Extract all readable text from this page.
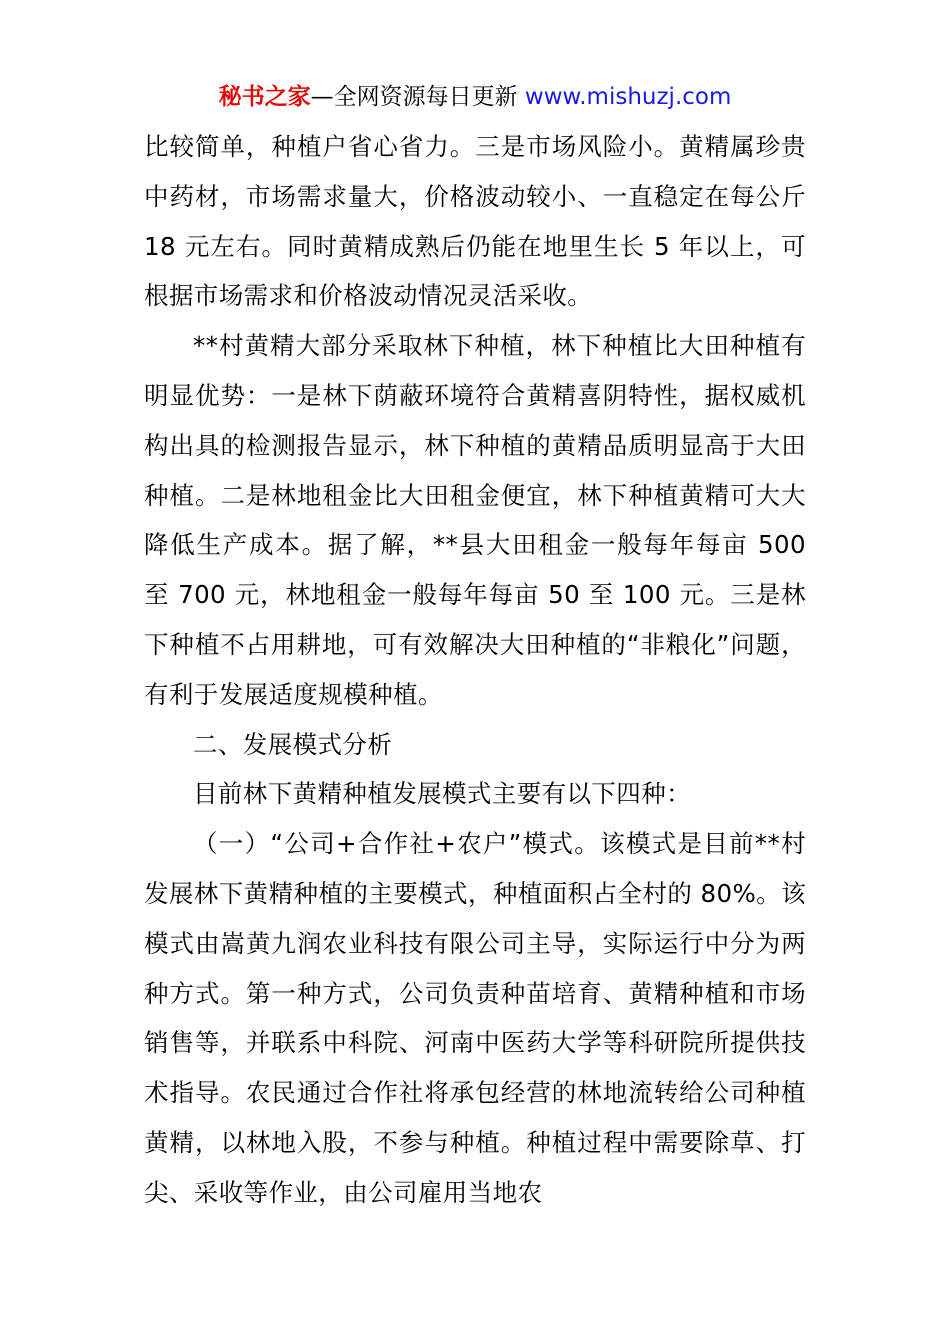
秘书之家—全网资源每日更新 www.mishuzj.com

比较简单，种植户省心省力。三是市场风险小。黄精属珍贵中药材，市场需求量大，价格波动较小、一直稳定在每公斤 18 元左右。同时黄精成熟后仍能在地里生长 5 年以上，可根据市场需求和价格波动情况灵活采收。

**村黄精大部分采取林下种植，林下种植比大田种植有明显优势：一是林下荫蔽环境符合黄精喜阴特性，据权威机构出具的检测报告显示，林下种植的黄精品质明显高于大田种植。二是林地租金比大田租金便宜，林下种植黄精可大大降低生产成本。据了解，**县大田租金一般每年每亩 500 至 700 元，林地租金一般每年每亩 50 至 100 元。三是林下种植不占用耕地，可有效解决大田种植的“非粮化”问题，有利于发展适度规模种植。

二、发展模式分析

目前林下黄精种植发展模式主要有以下四种：

（一）“公司+合作社+农户”模式。该模式是目前**村发展林下黄精种植的主要模式，种植面积占全村的 80%。该模式由嵩黄九润农业科技有限公司主导，实际运行中分为两种方式。第一种方式，公司负责种苗培育、黄精种植和市场销售等，并联系中科院、河南中医药大学等科研院所提供技术指导。农民通过合作社将承包经营的林地流转给公司种植黄精，以林地入股，不参与种植。种植过程中需要除草、打尖、采收等作业，由公司雇用当地农
